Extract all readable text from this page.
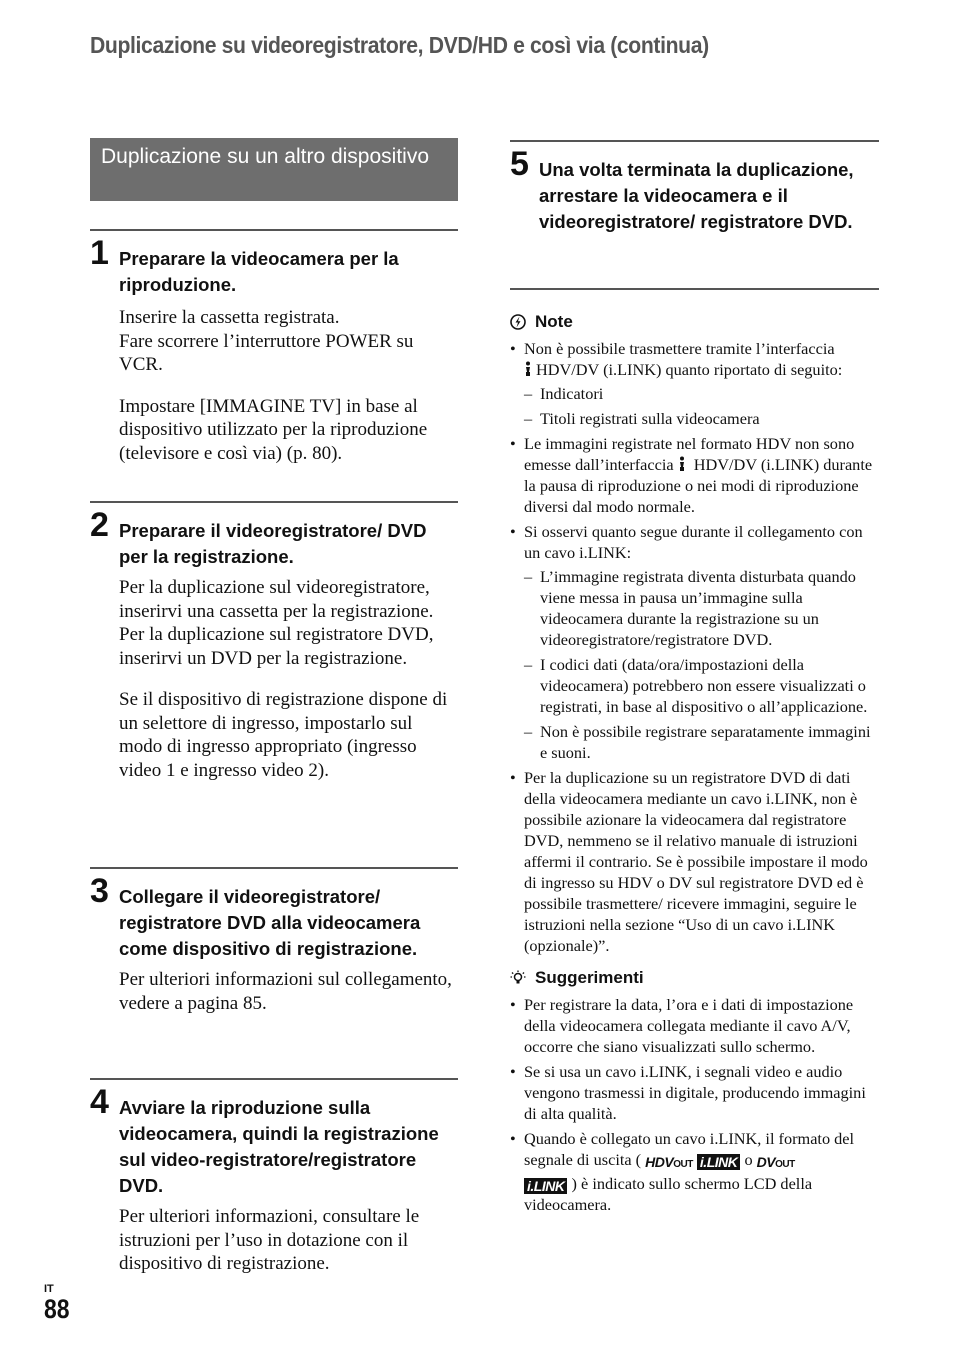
Duplicazione su videoregistratore, DVD/HD e così via (continua)
Duplicazione su un altro dispositivo
1 Preparare la videocamera per la riproduzione.

Inserire la cassetta registrata.
Fare scorrere l’interruttore POWER su VCR.

Impostare [IMMAGINE TV] in base al dispositivo utilizzato per la riproduzione (televisore e così via) (p. 80).

2 Preparare il videoregistratore/ DVD per la registrazione.

Per la duplicazione sul videoregistratore, inserirvi una cassetta per la registrazione.
Per la duplicazione sul registratore DVD, inserirvi un DVD per la registrazione.

Se il dispositivo di registrazione dispone di un selettore di ingresso, impostarlo sul modo di ingresso appropriato (ingresso video 1 e ingresso video 2).

3 Collegare il videoregistratore/ registratore DVD alla videocamera come dispositivo di registrazione.

Per ulteriori informazioni sul collegamento, vedere a pagina 85.

4 Avviare la riproduzione sulla videocamera, quindi la registrazione sul video-registratore/registratore DVD.

Per ulteriori informazioni, consultare le istruzioni per l’uso in dotazione con il dispositivo di registrazione.

5 Una volta terminata la duplicazione, arrestare la videocamera e il videoregistratore/ registratore DVD.
Note
• Non è possibile trasmettere tramite l’interfaccia
HDV/DV (i.LINK) quanto riportato di seguito:
– Indicatori
– Titoli registrati sulla videocamera
• Le immagini registrate nel formato HDV non sono emesse dall’interfaccia HDV/DV (i.LINK) durante la pausa di riproduzione o nei modi di riproduzione diversi dal modo normale.
• Si osservi quanto segue durante il collegamento con un cavo i.LINK:
– L’immagine registrata diventa disturbata quando viene messa in pausa un’immagine sulla videocamera durante la registrazione su un videoregistratore/registratore DVD.
– I codici dati (data/ora/impostazioni della videocamera) potrebbero non essere visualizzati o registrati, in base al dispositivo o all’applicazione.
– Non è possibile registrare separatamente immagini e suoni.
• Per la duplicazione su un registratore DVD di dati della videocamera mediante un cavo i.LINK, non è possibile azionare la videocamera dal registratore DVD, nemmeno se il relativo manuale di istruzioni affermi il contrario. Se è possibile impostare il modo di ingresso su HDV o DV sul registratore DVD ed è possibile trasmettere/ ricevere immagini, seguire le istruzioni nella sezione “Uso di un cavo i.LINK (opzionale)”.
Suggerimenti
• Per registrare la data, l’ora e i dati di impostazione della videocamera collegata mediante il cavo A/V, occorre che siano visualizzati sullo schermo.
• Se si usa un cavo i.LINK, i segnali video e audio vengono trasmessi in digitale, producendo immagini di alta qualità.
• Quando è collegato un cavo i.LINK, il formato del segnale di uscita ( HDVOUT i.LINK o DVOUT
i.LINK ) è indicato sullo schermo LCD della videocamera.
IT
88
